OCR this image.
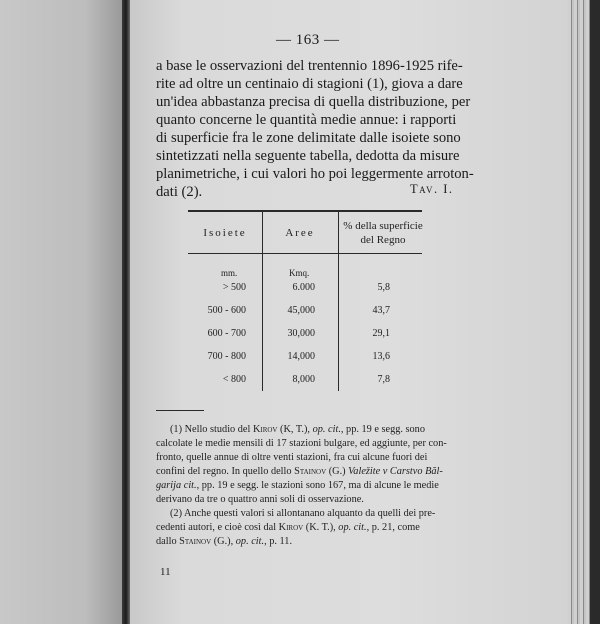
— 163 —
a base le osservazioni del trentennio 1896-1925 rife-
rite ad oltre un centinaio di stagioni (1), giova a dare
un'idea abbastanza precisa di quella distribuzione, per
quanto concerne le quantità medie annue: i rapporti
di superficie fra le zone delimitate dalle isoiete sono
sintetizzati nella seguente tabella, dedotta da misure
planimetriche, i cui valori ho poi leggermente arroton-
dati (2).	Tav. I.
Isoiete	Aree
% della superficie
del Regno
mm.	Kmq.
> 500	6.000	5,8
500 - 600	45,000	43,7
600 - 700	30,000	29,1
700 - 800	14,000	13,6
< 800	8,000	7,8
(1) Nello studio del Kirov (K, T.), op. cit., pp. 19 e segg. sono
calcolate le medie mensili di 17 stazioni bulgare, ed aggiunte, per con-
fronto, quelle annue di oltre venti stazioni, fra cui alcune fuori dei
confini del regno. In quello dello Stainov (G.) Valežite v Carstvo Băl-
garija cit., pp. 19 e segg. le stazioni sono 167, ma di alcune le medie
derivano da tre o quattro anni soli di osservazione.
(2) Anche questi valori si allontanano alquanto da quelli dei pre-
cedenti autori, e cioè così dal Kirov (K. T.), op. cit., p. 21, come
dallo Stainov (G.), op. cit., p. 11.
11
